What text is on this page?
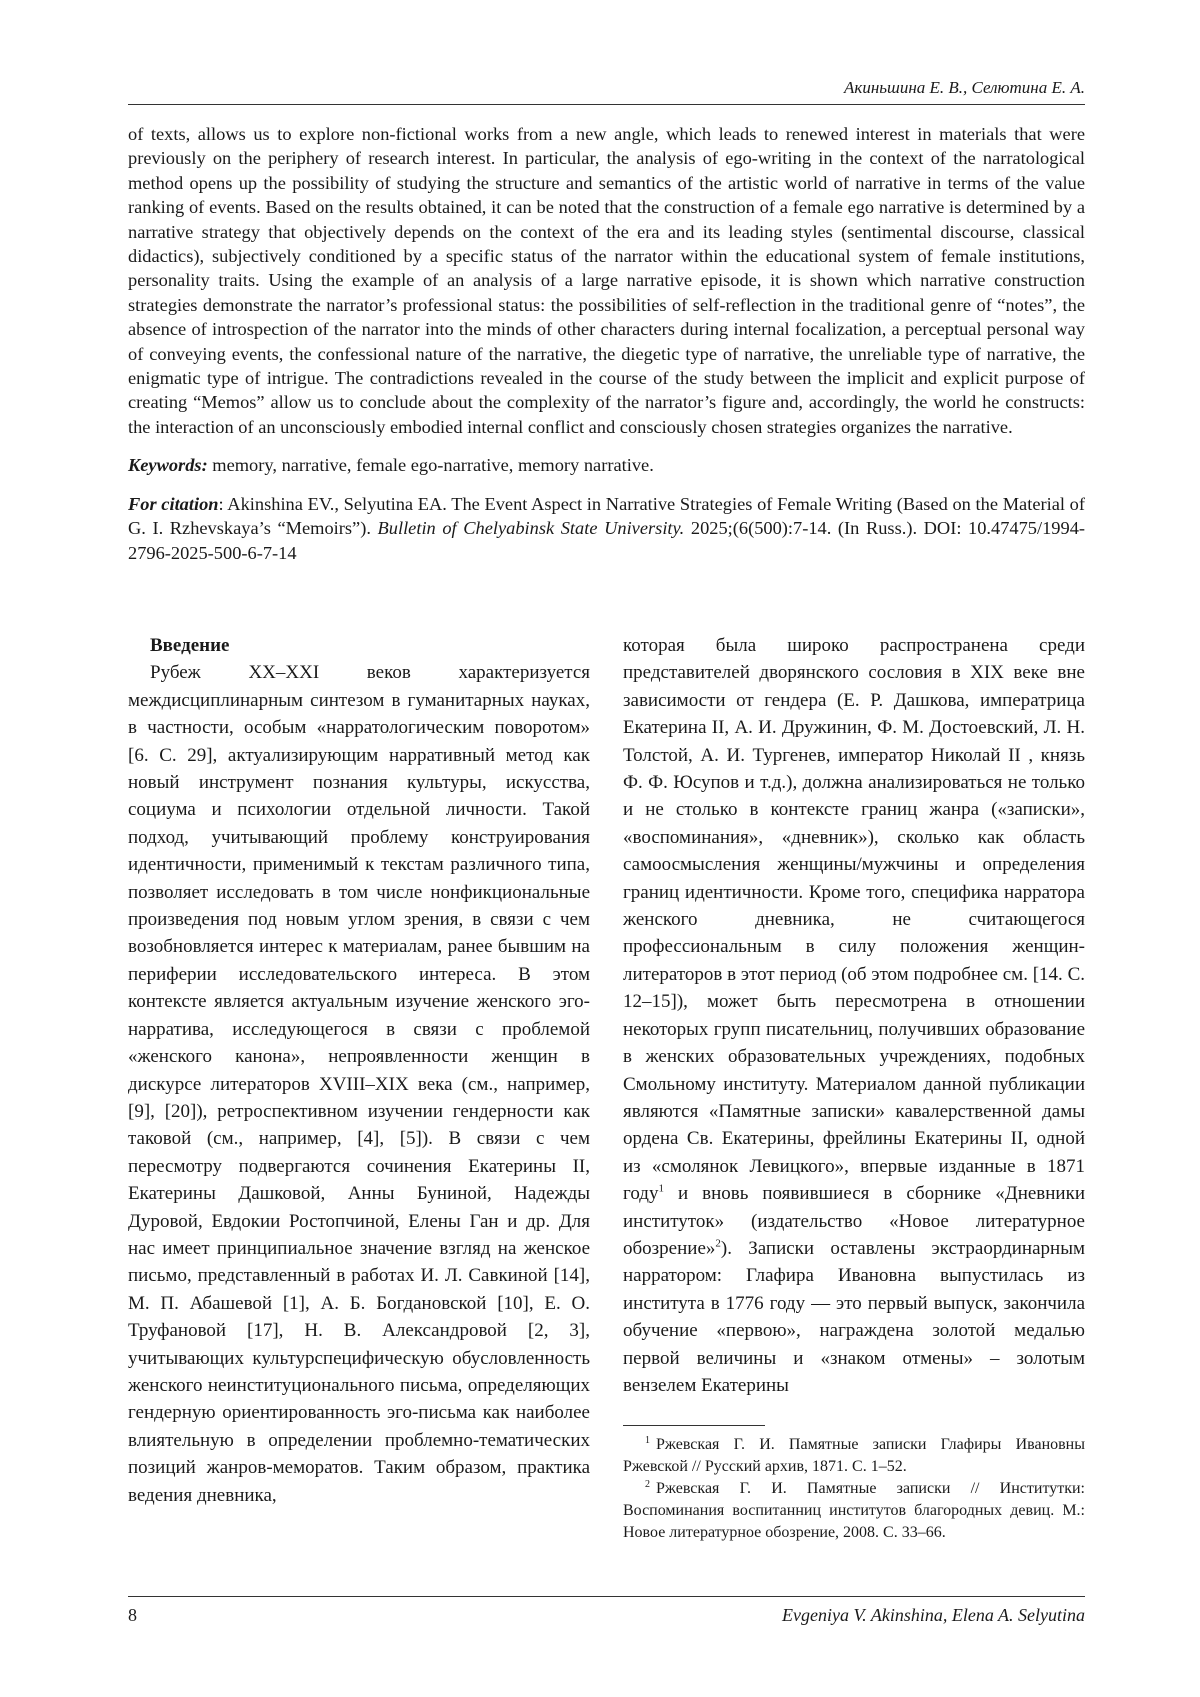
Акиньшина Е. В., Селютина Е. А.

of texts, allows us to explore non-fictional works from a new angle, which leads to renewed interest in materials that were previously on the periphery of research interest. In particular, the analysis of ego-writing in the context of the narratological method opens up the possibility of studying the structure and semantics of the artistic world of narrative in terms of the value ranking of events. Based on the results obtained, it can be noted that the construction of a female ego narrative is determined by a narrative strategy that objectively depends on the context of the era and its leading styles (sentimental discourse, classical didactics), subjectively conditioned by a specific status of the narrator within the educational system of female institutions, personality traits. Using the example of an analysis of a large narrative episode, it is shown which narrative construction strategies demonstrate the narrator’s professional status: the possibilities of self-reflection in the traditional genre of “notes”, the absence of introspection of the narrator into the minds of other characters during internal focalization, a perceptual personal way of conveying events, the confessional nature of the narrative, the diegetic type of narrative, the unreliable type of narrative, the enigmatic type of intrigue. The contradictions revealed in the course of the study between the implicit and explicit purpose of creating “Memos” allow us to conclude about the complexity of the narrator’s figure and, accordingly, the world he constructs: the interaction of an unconsciously embodied internal conflict and consciously chosen strategies organizes the narrative.

Keywords: memory, narrative, female ego-narrative, memory narrative.

For citation: Akinshina EV., Selyutina EA. The Event Aspect in Narrative Strategies of Female Writing (Based on the Material of G. I. Rzhevskaya’s “Memoirs”). Bulletin of Chelyabinsk State University. 2025;(6(500):7-14. (In Russ.). DOI: 10.47475/1994-2796-2025-500-6-7-14

Введение

Рубеж XX–XXI веков характеризуется междисциплинарным синтезом в гуманитарных науках, в частности, особым «нарратологическим поворотом» [6. С. 29], актуализирующим нарративный метод как новый инструмент познания культуры, искусства, социума и психологии отдельной личности. Такой подход, учитывающий проблему конструирования идентичности, применимый к текстам различного типа, позволяет исследовать в том числе нонфикциональные произведения под новым углом зрения, в связи с чем возобновляется интерес к материалам, ранее бывшим на периферии исследовательского интереса. В этом контексте является актуальным изучение женского эго-нарратива, исследующегося в связи с проблемой «женского канона», непроявленности женщин в дискурсе литераторов XVIII–XIX века (см., например, [9], [20]), ретроспективном изучении гендерности как таковой (см., например, [4], [5]). В связи с чем пересмотру подвергаются сочинения Екатерины II, Екатерины Дашковой, Анны Буниной, Надежды Дуровой, Евдокии Ростопчиной, Елены Ган и др. Для нас имеет принципиальное значение взгляд на женское письмо, представленный в работах И. Л. Савкиной [14], М. П. Абашевой [1], А. Б. Богдановской [10], Е. О. Труфановой [17], Н. В. Александровой [2, 3], учитывающих культурспецифическую обусловленность женского неинституционального письма, определяющих гендерную ориентированность эго-письма как наиболее влиятельную в определении проблемно-тематических позиций жанров-меморатов. Таким образом, практика ведения дневника,

которая была широко распространена среди представителей дворянского сословия в XIX веке вне зависимости от гендера (Е. Р. Дашкова, императрица Екатерина II, А. И. Дружинин, Ф. М. Достоевский, Л. Н. Толстой, А. И. Тургенев, император Николай II , князь Ф. Ф. Юсупов и т.д.), должна анализироваться не только и не столько в контексте границ жанра («записки», «воспоминания», «дневник»), сколько как область самоосмысления женщины/мужчины и определения границ идентичности. Кроме того, специфика нарратора женского дневника, не считающегося профессиональным в силу положения женщин-литераторов в этот период (об этом подробнее см. [14. С. 12–15]), может быть пересмотрена в отношении некоторых групп писательниц, получивших образование в женских образовательных учреждениях, подобных Смольному институту. Материалом данной публикации являются «Памятные записки» кавалерственной дамы ордена Св. Екатерины, фрейлины Екатерины II, одной из «смолянок Левицкого», впервые изданные в 1871 году$^1$ и вновь появившиеся в сборнике «Дневники институток» (издательство «Новое литературное обозрение»$^2$). Записки оставлены экстраординарным нарратором: Глафира Ивановна выпустилась из института в 1776 году — это первый выпуск, закончила обучение «первою», награждена золотой медалью первой величины и «знаком отмены» – золотым вензелем Екатерины

$^1$ Ржевская Г. И. Памятные записки Глафиры Ивановны Ржевской // Русский архив, 1871. С. 1–52.

$^2$ Ржевская Г. И. Памятные записки // Институтки: Воспоминания воспитанниц институтов благородных девиц. М.: Новое литературное обозрение, 2008. С. 33–66.

8	Evgeniya V. Akinshina, Elena A. Selyutina
